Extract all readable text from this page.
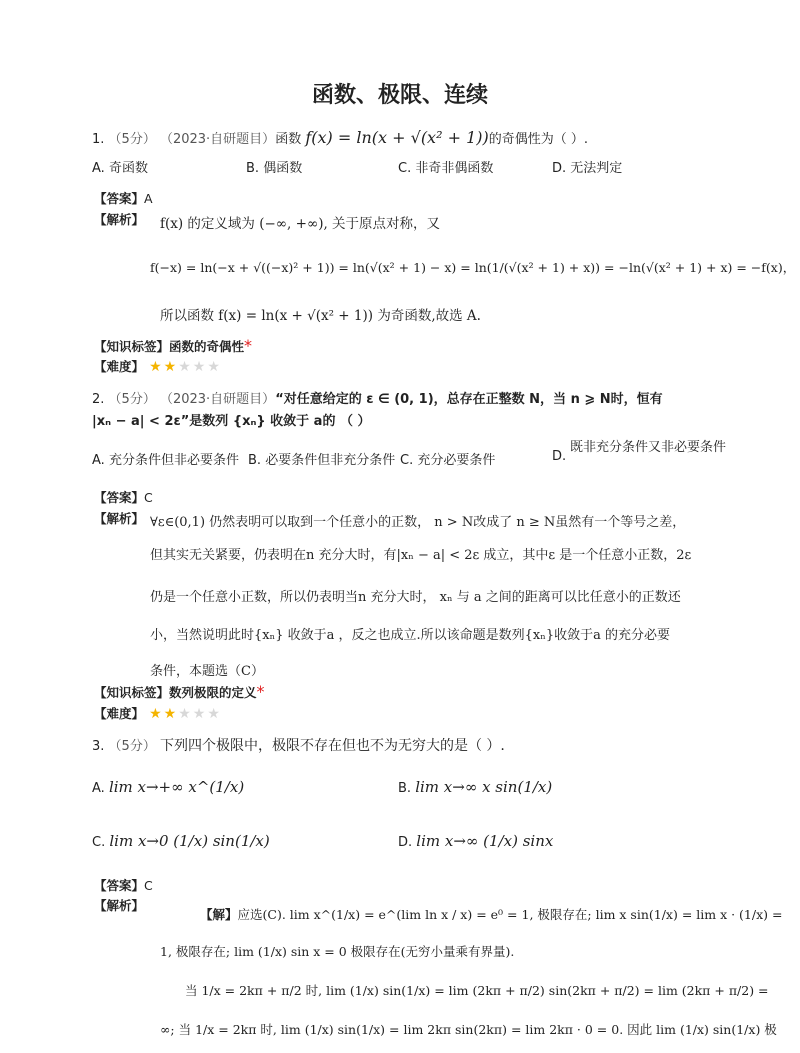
函数、极限、连续
1. （5分） （2023·自研题目）函数 f(x) = ln(x + √(x² + 1))的奇偶性为（ ）.
A. 奇函数	B. 偶函数	C. 非奇非偶函数	D. 无法判定
【答案】A
【解析】 f(x) 的定义域为 (−∞, +∞), 关于原点对称，又
f(−x) = ln(−x + √((−x)² + 1)) = ln(√(x² + 1) − x) = ln(1/(√(x² + 1) + x)) = −ln(√(x² + 1) + x) = −f(x)，
所以函数 f(x) = ln(x + √(x² + 1)) 为奇函数,故选 A.
【知识标签】函数的奇偶性*
【难度】 ★★★★★
2. （5分） （2023·自研题目）“对任意给定的 ε ∈ (0, 1)，总存在正整数 N，当 n ⩾ N时，恒有
|xₙ − a| < 2ε”是数列 {xₙ} 收敛于 a的 （ ）
A. 充分条件但非必要条件 B. 必要条件但非充分条件 C. 充分必要条件	D.
既非充分条件又非必要条件
【答案】C
【解析】 ∀ε∈(0,1) 仍然表明可以取到一个任意小的正数， n > N改成了 n ≥ N虽然有一个等号之差，
但其实无关紧要，仍表明在n 充分大时，有|xₙ − a| < 2ε 成立，其中ε 是一个任意小正数，2ε
仍是一个任意小正数，所以仍表明当n 充分大时， xₙ 与 a 之间的距离可以比任意小的正数还
小，当然说明此时{xₙ} 收敛于a ，反之也成立.所以该命题是数列{xₙ}收敛于a 的充分必要
条件，本题选（C）
【知识标签】数列极限的定义*
【难度】 ★★★★★
3. （5分） 下列四个极限中，极限不存在但也不为无穷大的是（ ）.
A. lim x→+∞ x^(1/x)	B. lim x→∞ x sin(1/x)
C. lim x→0 (1/x) sin(1/x)	D. lim x→∞ (1/x) sinx
【答案】C
【解析】
【解】应选(C). lim x^(1/x) = e^(lim ln x / x) = e⁰ = 1, 极限存在; lim x sin(1/x) = lim x · (1/x) =
1, 极限存在; lim (1/x) sin x = 0 极限存在(无穷小量乘有界量).
当 1/x = 2kπ + π/2 时, lim (1/x) sin(1/x) = lim (2kπ + π/2) sin(2kπ + π/2) = lim (2kπ + π/2) =
∞; 当 1/x = 2kπ 时, lim (1/x) sin(1/x) = lim 2kπ sin(2kπ) = lim 2kπ · 0 = 0. 因此 lim (1/x) sin(1/x) 极
